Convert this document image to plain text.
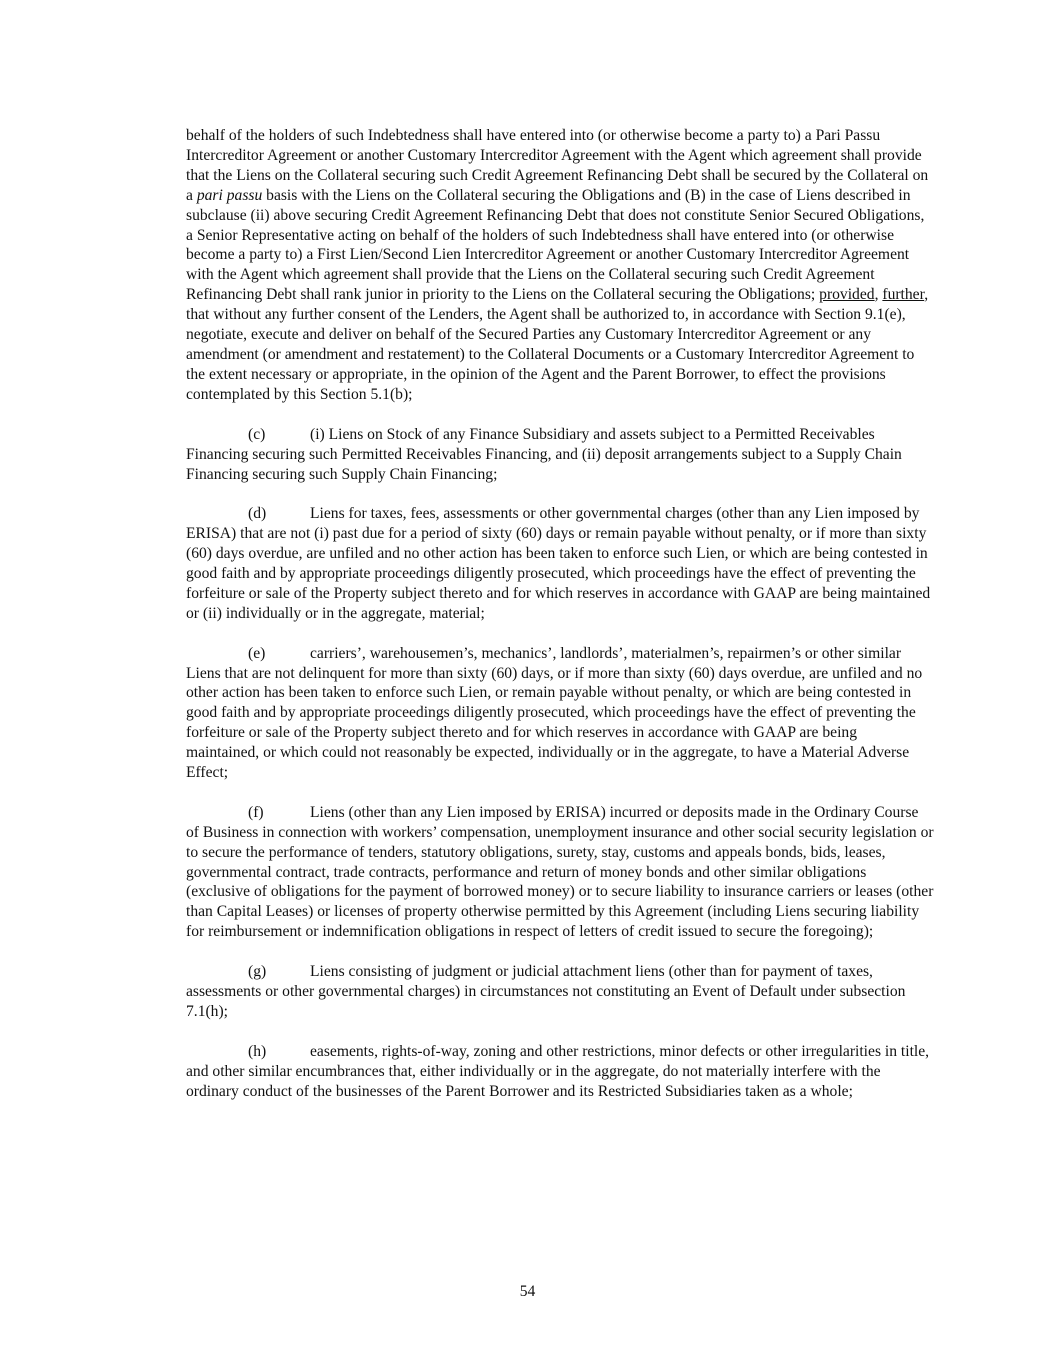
behalf of the holders of such Indebtedness shall have entered into (or otherwise become a party to) a Pari Passu Intercreditor Agreement or another Customary Intercreditor Agreement with the Agent which agreement shall provide that the Liens on the Collateral securing such Credit Agreement Refinancing Debt shall be secured by the Collateral on a pari passu basis with the Liens on the Collateral securing the Obligations and (B) in the case of Liens described in subclause (ii) above securing Credit Agreement Refinancing Debt that does not constitute Senior Secured Obligations, a Senior Representative acting on behalf of the holders of such Indebtedness shall have entered into (or otherwise become a party to) a First Lien/Second Lien Intercreditor Agreement or another Customary Intercreditor Agreement with the Agent which agreement shall provide that the Liens on the Collateral securing such Credit Agreement Refinancing Debt shall rank junior in priority to the Liens on the Collateral securing the Obligations; provided, further, that without any further consent of the Lenders, the Agent shall be authorized to, in accordance with Section 9.1(e), negotiate, execute and deliver on behalf of the Secured Parties any Customary Intercreditor Agreement or any amendment (or amendment and restatement) to the Collateral Documents or a Customary Intercreditor Agreement to the extent necessary or appropriate, in the opinion of the Agent and the Parent Borrower, to effect the provisions contemplated by this Section 5.1(b);

(c)	(i) Liens on Stock of any Finance Subsidiary and assets subject to a Permitted Receivables Financing securing such Permitted Receivables Financing, and (ii) deposit arrangements subject to a Supply Chain Financing securing such Supply Chain Financing;

(d)	Liens for taxes, fees, assessments or other governmental charges (other than any Lien imposed by ERISA) that are not (i) past due for a period of sixty (60) days or remain payable without penalty, or if more than sixty (60) days overdue, are unfiled and no other action has been taken to enforce such Lien, or which are being contested in good faith and by appropriate proceedings diligently prosecuted, which proceedings have the effect of preventing the forfeiture or sale of the Property subject thereto and for which reserves in accordance with GAAP are being maintained or (ii) individually or in the aggregate, material;

(e)	carriers’, warehousemen’s, mechanics’, landlords’, materialmen’s, repairmen’s or other similar Liens that are not delinquent for more than sixty (60) days, or if more than sixty (60) days overdue, are unfiled and no other action has been taken to enforce such Lien, or remain payable without penalty, or which are being contested in good faith and by appropriate proceedings diligently prosecuted, which proceedings have the effect of preventing the forfeiture or sale of the Property subject thereto and for which reserves in accordance with GAAP are being maintained, or which could not reasonably be expected, individually or in the aggregate, to have a Material Adverse Effect;

(f)	Liens (other than any Lien imposed by ERISA) incurred or deposits made in the Ordinary Course of Business in connection with workers’ compensation, unemployment insurance and other social security legislation or to secure the performance of tenders, statutory obligations, surety, stay, customs and appeals bonds, bids, leases, governmental contract, trade contracts, performance and return of money bonds and other similar obligations (exclusive of obligations for the payment of borrowed money) or to secure liability to insurance carriers or leases (other than Capital Leases) or licenses of property otherwise permitted by this Agreement (including Liens securing liability for reimbursement or indemnification obligations in respect of letters of credit issued to secure the foregoing);

(g)	Liens consisting of judgment or judicial attachment liens (other than for payment of taxes, assessments or other governmental charges) in circumstances not constituting an Event of Default under subsection 7.1(h);

(h)	easements, rights-of-way, zoning and other restrictions, minor defects or other irregularities in title, and other similar encumbrances that, either individually or in the aggregate, do not materially interfere with the ordinary conduct of the businesses of the Parent Borrower and its Restricted Subsidiaries taken as a whole;

54
